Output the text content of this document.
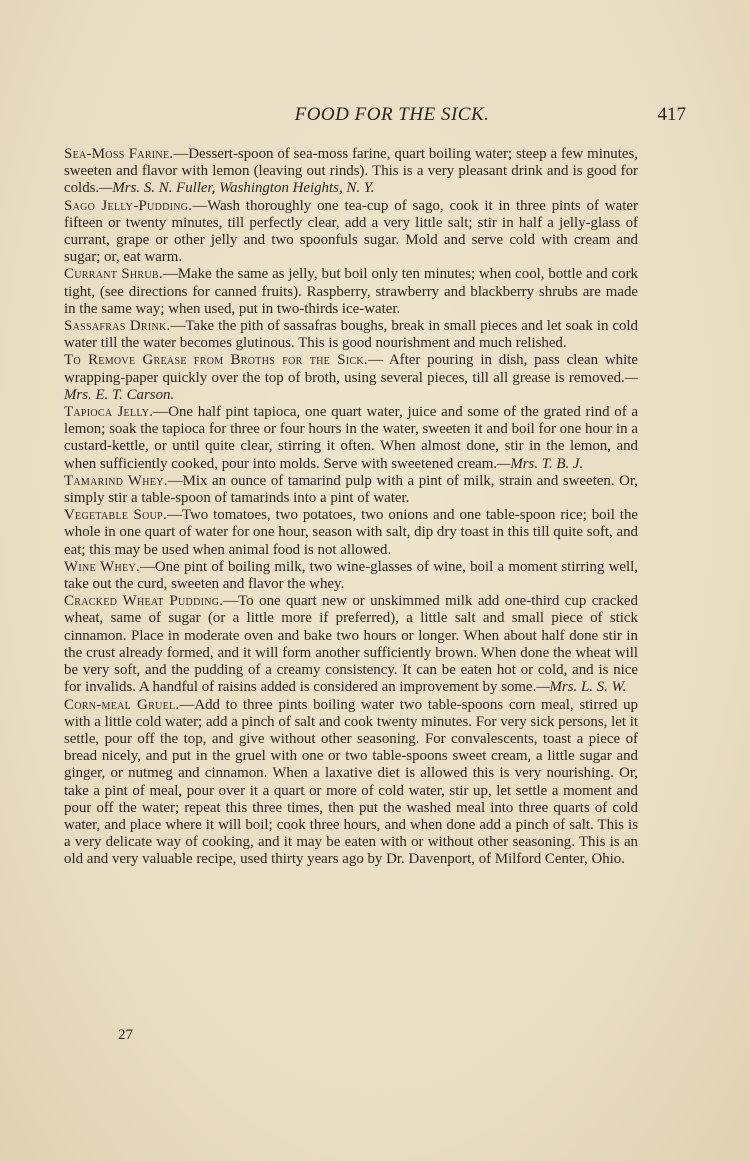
FOOD FOR THE SICK.	417

Sea-Moss Farine.—Dessert-spoon of sea-moss farine, quart boiling water; steep a few minutes, sweeten and flavor with lemon (leaving out rinds). This is a very pleasant drink and is good for colds.—Mrs. S. N. Fuller, Washington Heights, N. Y.

Sago Jelly-Pudding.—Wash thoroughly one tea-cup of sago, cook it in three pints of water fifteen or twenty minutes, till perfectly clear, add a very little salt; stir in half a jelly-glass of currant, grape or other jelly and two spoonfuls sugar. Mold and serve cold with cream and sugar; or, eat warm.

Currant Shrub.—Make the same as jelly, but boil only ten minutes; when cool, bottle and cork tight, (see directions for canned fruits). Raspberry, strawberry and blackberry shrubs are made in the same way; when used, put in two-thirds ice-water.

Sassafras Drink.—Take the pith of sassafras boughs, break in small pieces and let soak in cold water till the water becomes glutinous. This is good nourishment and much relished.

To Remove Grease from Broths for the Sick.— After pouring in dish, pass clean white wrapping-paper quickly over the top of broth, using several pieces, till all grease is removed.—Mrs. E. T. Carson.

Tapioca Jelly.—One half pint tapioca, one quart water, juice and some of the grated rind of a lemon; soak the tapioca for three or four hours in the water, sweeten it and boil for one hour in a custard-kettle, or until quite clear, stirring it often. When almost done, stir in the lemon, and when sufficiently cooked, pour into molds. Serve with sweetened cream.—Mrs. T. B. J.

Tamarind Whey.—Mix an ounce of tamarind pulp with a pint of milk, strain and sweeten. Or, simply stir a table-spoon of tamarinds into a pint of water.

Vegetable Soup.—Two tomatoes, two potatoes, two onions and one table-spoon rice; boil the whole in one quart of water for one hour, season with salt, dip dry toast in this till quite soft, and eat; this may be used when animal food is not allowed.

Wine Whey.—One pint of boiling milk, two wine-glasses of wine, boil a moment stirring well, take out the curd, sweeten and flavor the whey.

Cracked Wheat Pudding.—To one quart new or unskimmed milk add one-third cup cracked wheat, same of sugar (or a little more if preferred), a little salt and small piece of stick cinnamon. Place in moderate oven and bake two hours or longer. When about half done stir in the crust already formed, and it will form another sufficiently brown. When done the wheat will be very soft, and the pudding of a creamy consistency. It can be eaten hot or cold, and is nice for invalids. A handful of raisins added is considered an improvement by some.—Mrs. L. S. W.

Corn-meal Gruel.—Add to three pints boiling water two table-spoons corn meal, stirred up with a little cold water; add a pinch of salt and cook twenty minutes. For very sick persons, let it settle, pour off the top, and give without other seasoning. For convalescents, toast a piece of bread nicely, and put in the gruel with one or two table-spoons sweet cream, a little sugar and ginger, or nutmeg and cinnamon. When a laxative diet is allowed this is very nourishing. Or, take a pint of meal, pour over it a quart or more of cold water, stir up, let settle a moment and pour off the water; repeat this three times, then put the washed meal into three quarts of cold water, and place where it will boil; cook three hours, and when done add a pinch of salt. This is a very delicate way of cooking, and it may be eaten with or without other seasoning. This is an old and very valuable recipe, used thirty years ago by Dr. Davenport, of Milford Center, Ohio.

27
